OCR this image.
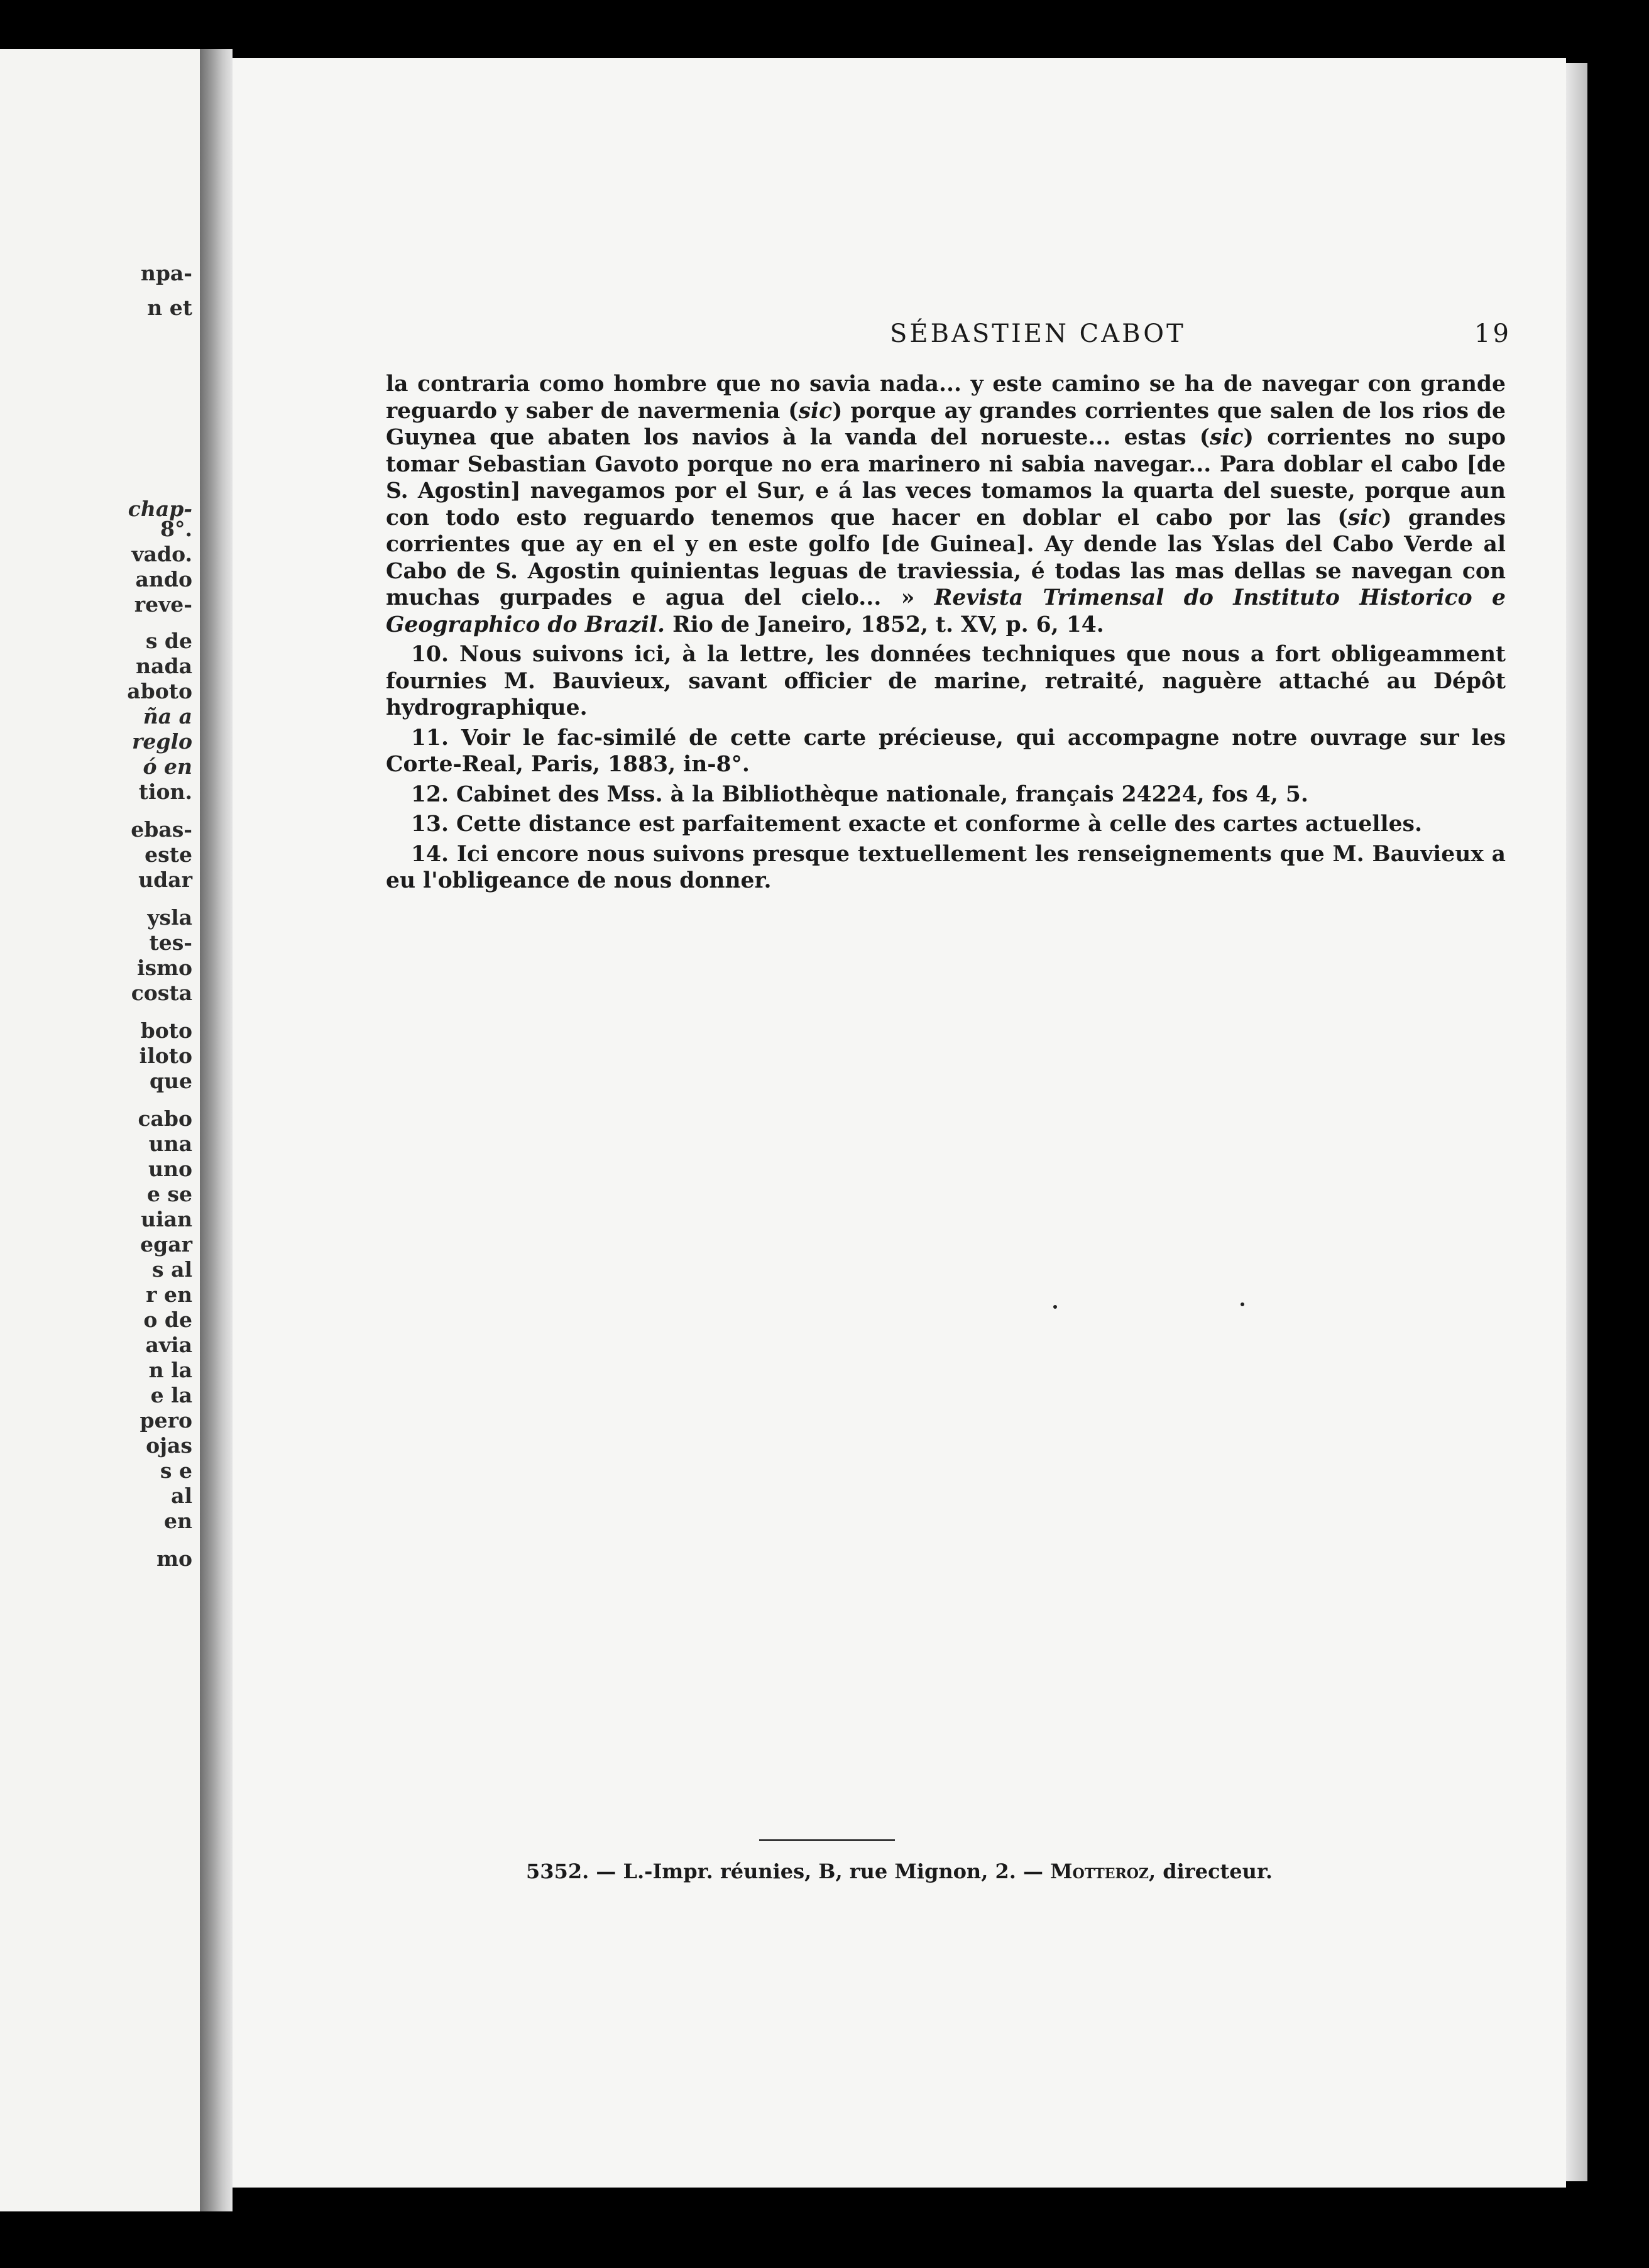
npa-
n et
chap-
8°.
vado.
ando
reve-
s de
nada
aboto
ña a
reglo
ó en
tion.
ebas-
este
udar
ysla
tes-
ismo
costa
boto
iloto
que
cabo
una
uno
e se
uian
egar
s al
r en
o de
avia
n la
e la
pero
ojas
s e
al
en
mo
SÉBASTIEN CABOT	19

la contraria como hombre que no savia nada... y este camino se ha de navegar con grande reguardo y saber de navermenia (sic) porque ay grandes corrientes que salen de los rios de Guynea que abaten los navios à la vanda del norueste... estas (sic) corrientes no supo tomar Sebastian Gavoto porque no era marinero ni sabia navegar... Para doblar el cabo [de S. Agostin] navegamos por el Sur, e á las veces tomamos la quarta del sueste, porque aun con todo esto reguardo tenemos que hacer en doblar el cabo por las (sic) grandes corrientes que ay en el y en este golfo [de Guinea]. Ay dende las Yslas del Cabo Verde al Cabo de S. Agostin quinientas leguas de traviessia, é todas las mas dellas se navegan con muchas gurpades e agua del cielo... » Revista Trimensal do Instituto Historico e Geographico do Brazil. Rio de Janeiro, 1852, t. XV, p. 6, 14.

10. Nous suivons ici, à la lettre, les données techniques que nous a fort obligeamment fournies M. Bauvieux, savant officier de marine, retraité, naguère attaché au Dépôt hydrographique.

11. Voir le fac-similé de cette carte précieuse, qui accompagne notre ouvrage sur les Corte-Real, Paris, 1883, in-8°.

12. Cabinet des Mss. à la Bibliothèque nationale, français 24224, fos 4, 5.

13. Cette distance est parfaitement exacte et conforme à celle des cartes actuelles.

14. Ici encore nous suivons presque textuellement les renseignements que M. Bauvieux a eu l'obligeance de nous donner.

5352. — L.-Impr. réunies, B, rue Mignon, 2. — Motteroz, directeur.
